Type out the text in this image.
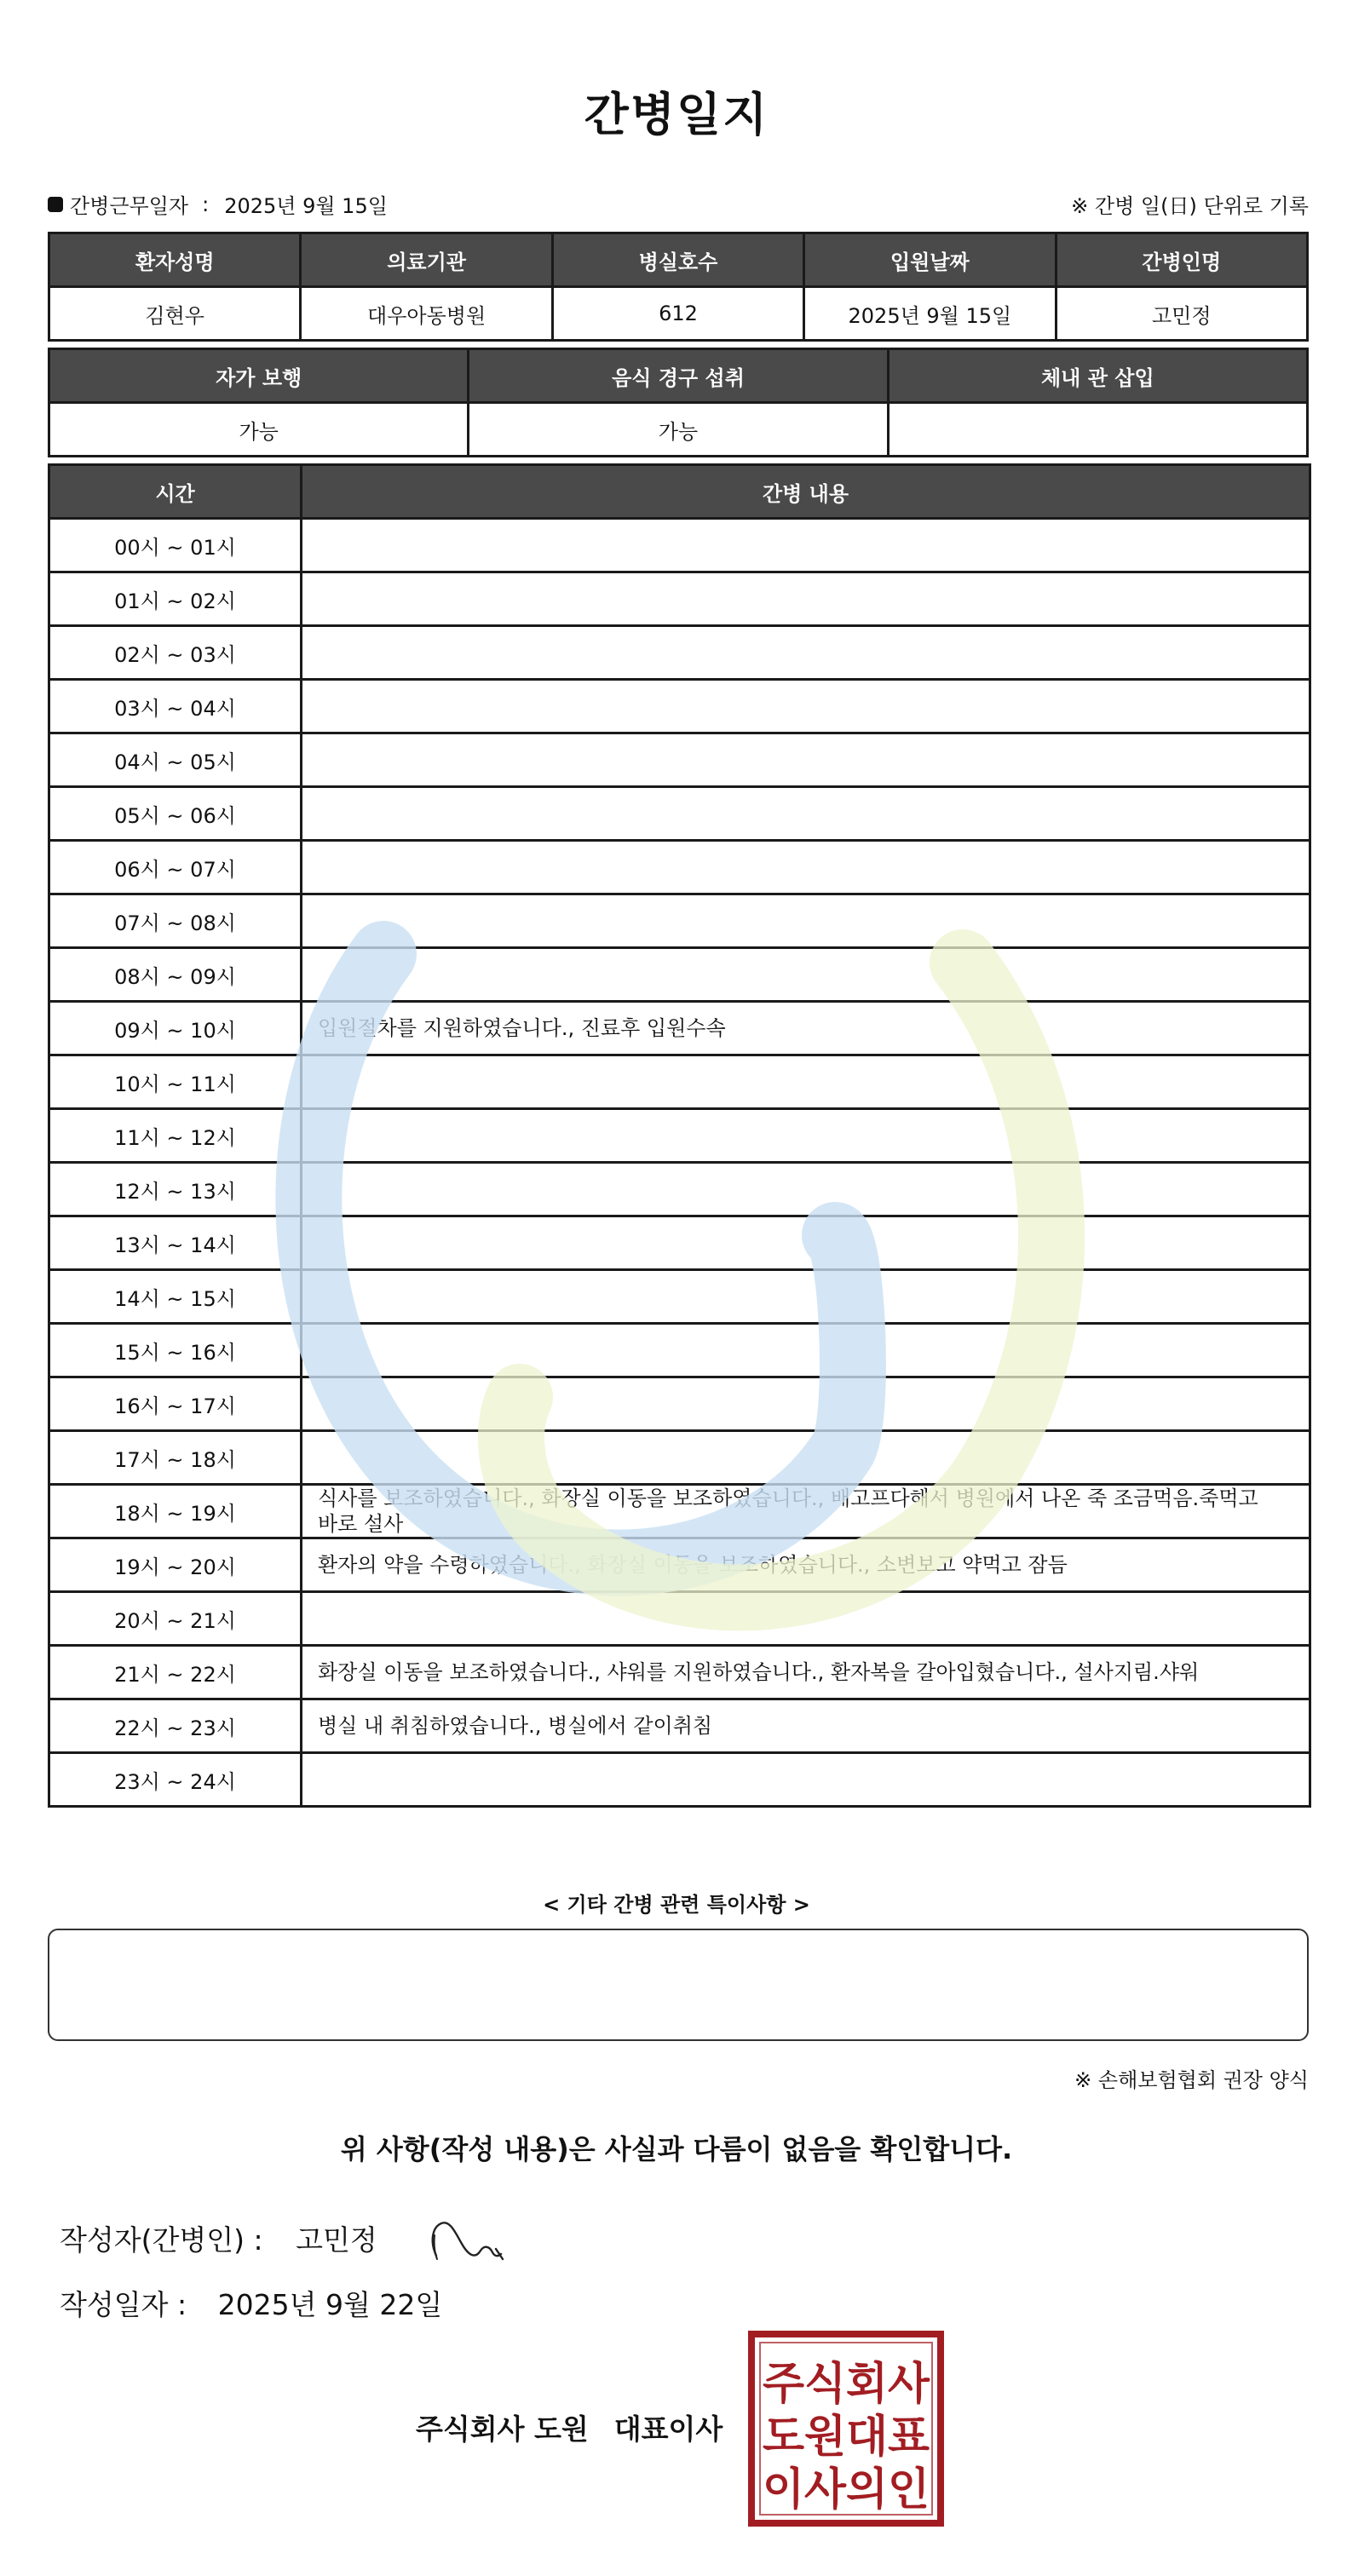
간병일지
간병근무일자 : 2025년 9월 15일	※ 간병 일(日) 단위로 기록
환자성명	의료기관	병실호수	입원날짜	간병인명
김현우	대우아동병원	612	2025년 9월 15일	고민정
자가 보행	음식 경구 섭취	체내 관 삽입
가능	가능	
시간	간병 내용
00시 ~ 01시	
01시 ~ 02시	
02시 ~ 03시	
03시 ~ 04시	
04시 ~ 05시	
05시 ~ 06시	
06시 ~ 07시	
07시 ~ 08시	
08시 ~ 09시	
09시 ~ 10시	입원절차를 지원하였습니다., 진료후 입원수속
10시 ~ 11시	
11시 ~ 12시	
12시 ~ 13시	
13시 ~ 14시	
14시 ~ 15시	
15시 ~ 16시	
16시 ~ 17시	
17시 ~ 18시	
18시 ~ 19시	식사를 보조하였습니다., 화장실 이동을 보조하였습니다., 배고프다해서 병원에서 나온 죽 조금먹음.죽먹고 바로 설사
19시 ~ 20시	환자의 약을 수령하였습니다., 화장실 이동을 보조하였습니다., 소변보고 약먹고 잠듬
20시 ~ 21시	
21시 ~ 22시	화장실 이동을 보조하였습니다., 샤워를 지원하였습니다., 환자복을 갈아입혔습니다., 설사지림.샤워
22시 ~ 23시	병실 내 취침하였습니다., 병실에서 같이취침
23시 ~ 24시	
< 기타 간병 관련 특이사항 >
※ 손해보험협회 권장 양식
위 사항(작성 내용)은 사실과 다름이 없음을 확인합니다.
작성자(간병인) : 고민정
작성일자 : 2025년 9월 22일
주식회사 도원 대표이사
주식회사
도원대표
이사의인
